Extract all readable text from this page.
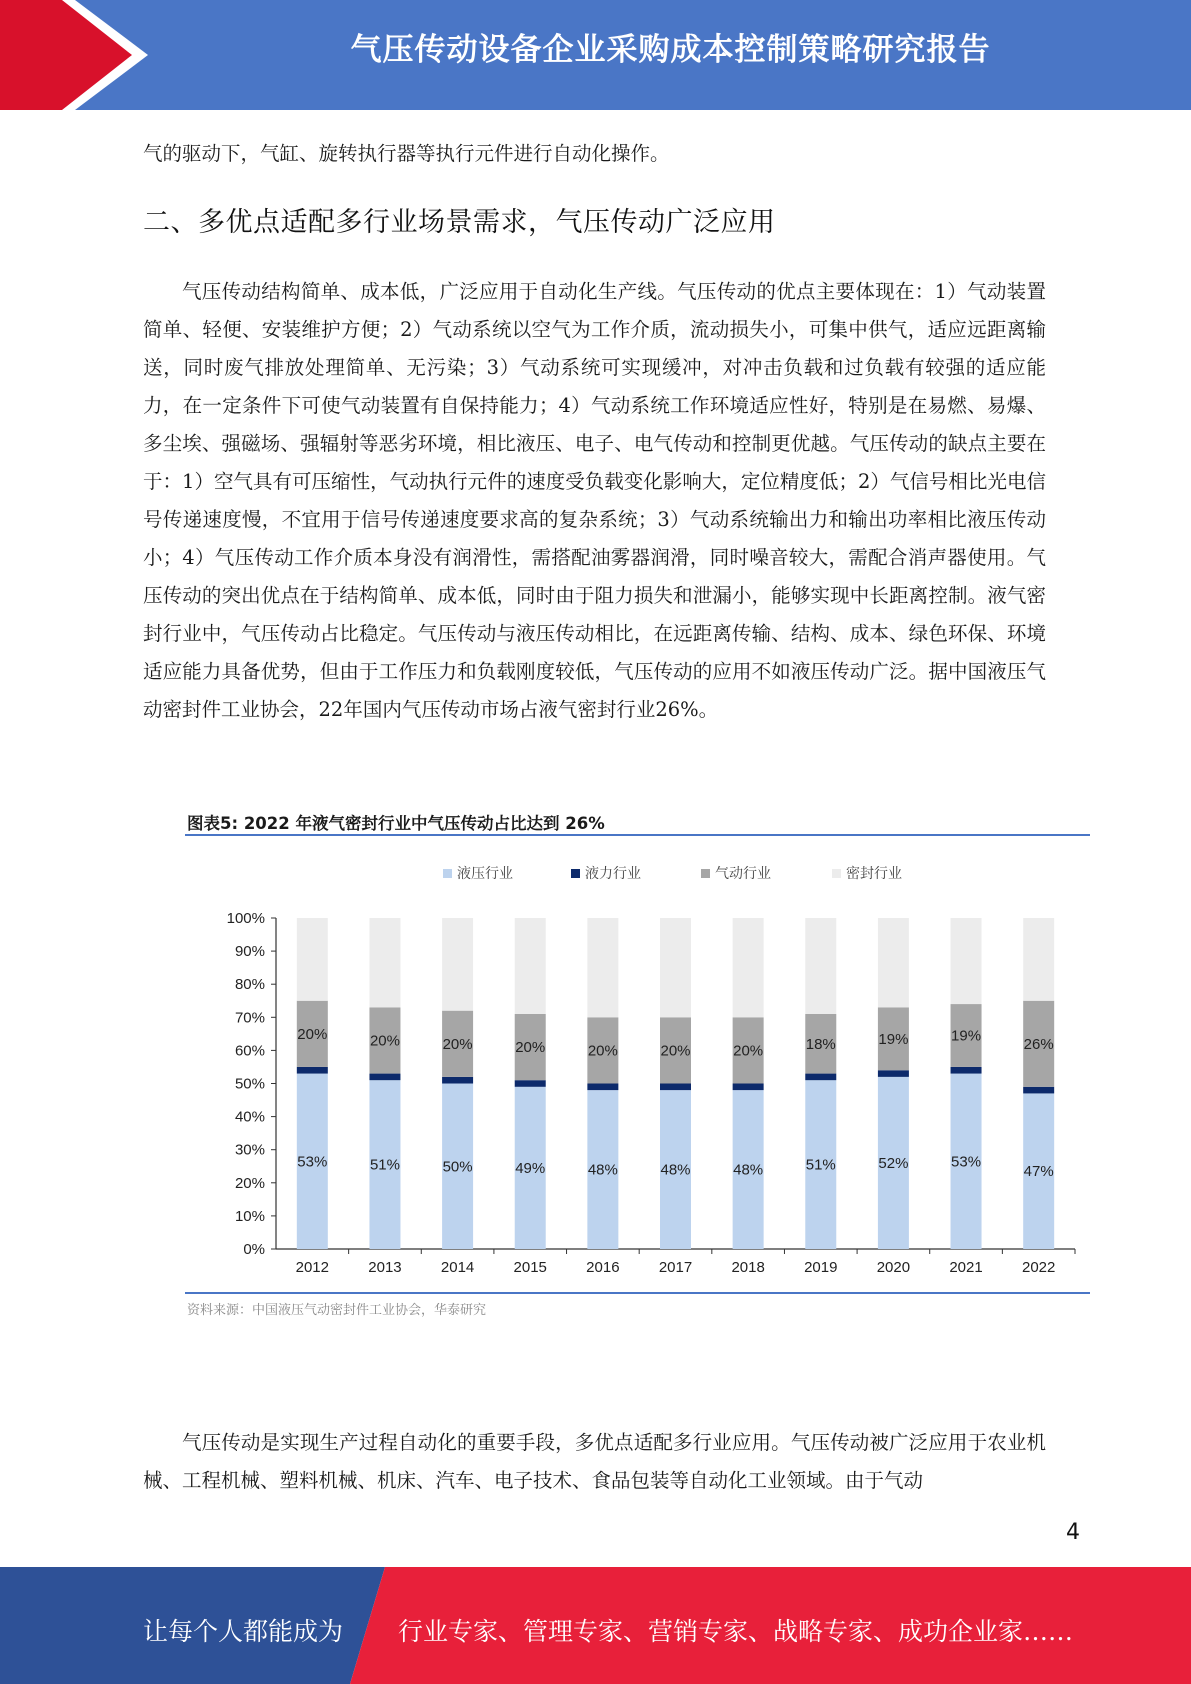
气压传动设备企业采购成本控制策略研究报告

气的驱动下，气缸、旋转执行器等执行元件进行自动化操作。

二、多优点适配多行业场景需求，气压传动广泛应用

气压传动结构简单、成本低，广泛应用于自动化生产线。气压传动的优点主要体现在：1）气动装置简单、轻便、安装维护方便；2）气动系统以空气为工作介质，流动损失小，可集中供气，适应远距离输送，同时废气排放处理简单、无污染；3）气动系统可实现缓冲，对冲击负载和过负载有较强的适应能力，在一定条件下可使气动装置有自保持能力；4）气动系统工作环境适应性好，特别是在易燃、易爆、多尘埃、强磁场、强辐射等恶劣环境，相比液压、电子、电气传动和控制更优越。气压传动的缺点主要在于：1）空气具有可压缩性，气动执行元件的速度受负载变化影响大，定位精度低；2）气信号相比光电信号传递速度慢，不宜用于信号传递速度要求高的复杂系统；3）气动系统输出力和输出功率相比液压传动小；4）气压传动工作介质本身没有润滑性，需搭配油雾器润滑，同时噪音较大，需配合消声器使用。气压传动的突出优点在于结构简单、成本低，同时由于阻力损失和泄漏小，能够实现中长距离控制。液气密封行业中，气压传动占比稳定。气压传动与液压传动相比，在远距离传输、结构、成本、绿色环保、环境适应能力具备优势，但由于工作压力和负载刚度较低，气压传动的应用不如液压传动广泛。据中国液压气动密封件工业协会，22年国内气压传动市场占液气密封行业26%。

图表5: 2022 年液气密封行业中气压传动占比达到 26%
液压行业	液力行业	气动行业	密封行业
0%
10%
20%
30%
40%
50%
60%
70%
80%
90%
100%
53%
20%
2012
51%
20%
2013
50%
20%
2014
49%
20%
2015
48%
20%
2016
48%
20%
2017
48%
20%
2018
51%
18%
2019
52%
19%
2020
53%
19%
2021
47%
26%
2022
资料来源：中国液压气动密封件工业协会，华泰研究

气压传动是实现生产过程自动化的重要手段，多优点适配多行业应用。气压传动被广泛应用于农业机械、工程机械、塑料机械、机床、汽车、电子技术、食品包装等自动化工业领域。由于气动

4
让每个人都能成为 行业专家、管理专家、营销专家、战略专家、成功企业家……
